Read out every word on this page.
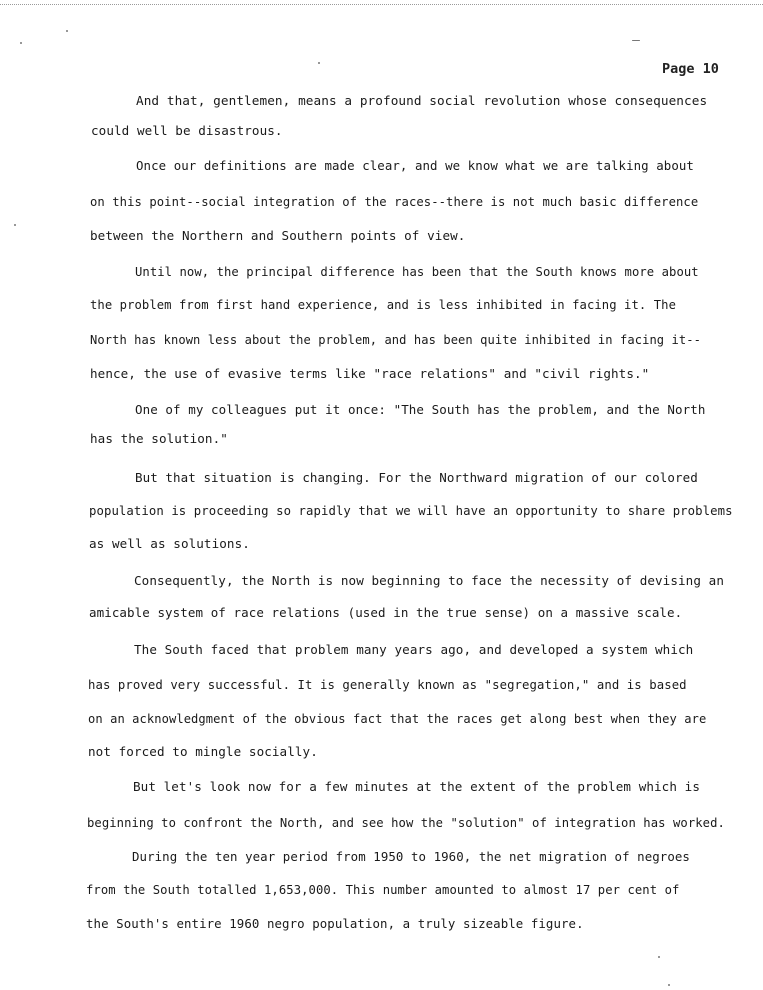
Page 10
And that, gentlemen, means a profound social revolution whose consequences
could well be disastrous.
Once our definitions are made clear, and we know what we are talking about
on this point--social integration of the races--there is not much basic difference
between the Northern and Southern points of view.
Until now, the principal difference has been that the South knows more about
the problem from first hand experience, and is less inhibited in facing it. The
North has known less about the problem, and has been quite inhibited in facing it--
hence, the use of evasive terms like "race relations" and "civil rights."
One of my colleagues put it once: "The South has the problem, and the North
has the solution."
But that situation is changing. For the Northward migration of our colored
population is proceeding so rapidly that we will have an opportunity to share problems
as well as solutions.
Consequently, the North is now beginning to face the necessity of devising an
amicable system of race relations (used in the true sense) on a massive scale.
The South faced that problem many years ago, and developed a system which
has proved very successful. It is generally known as "segregation," and is based
on an acknowledgment of the obvious fact that the races get along best when they are
not forced to mingle socially.
But let's look now for a few minutes at the extent of the problem which is
beginning to confront the North, and see how the "solution" of integration has worked.
During the ten year period from 1950 to 1960, the net migration of negroes
from the South totalled 1,653,000. This number amounted to almost 17 per cent of
the South's entire 1960 negro population, a truly sizeable figure.
